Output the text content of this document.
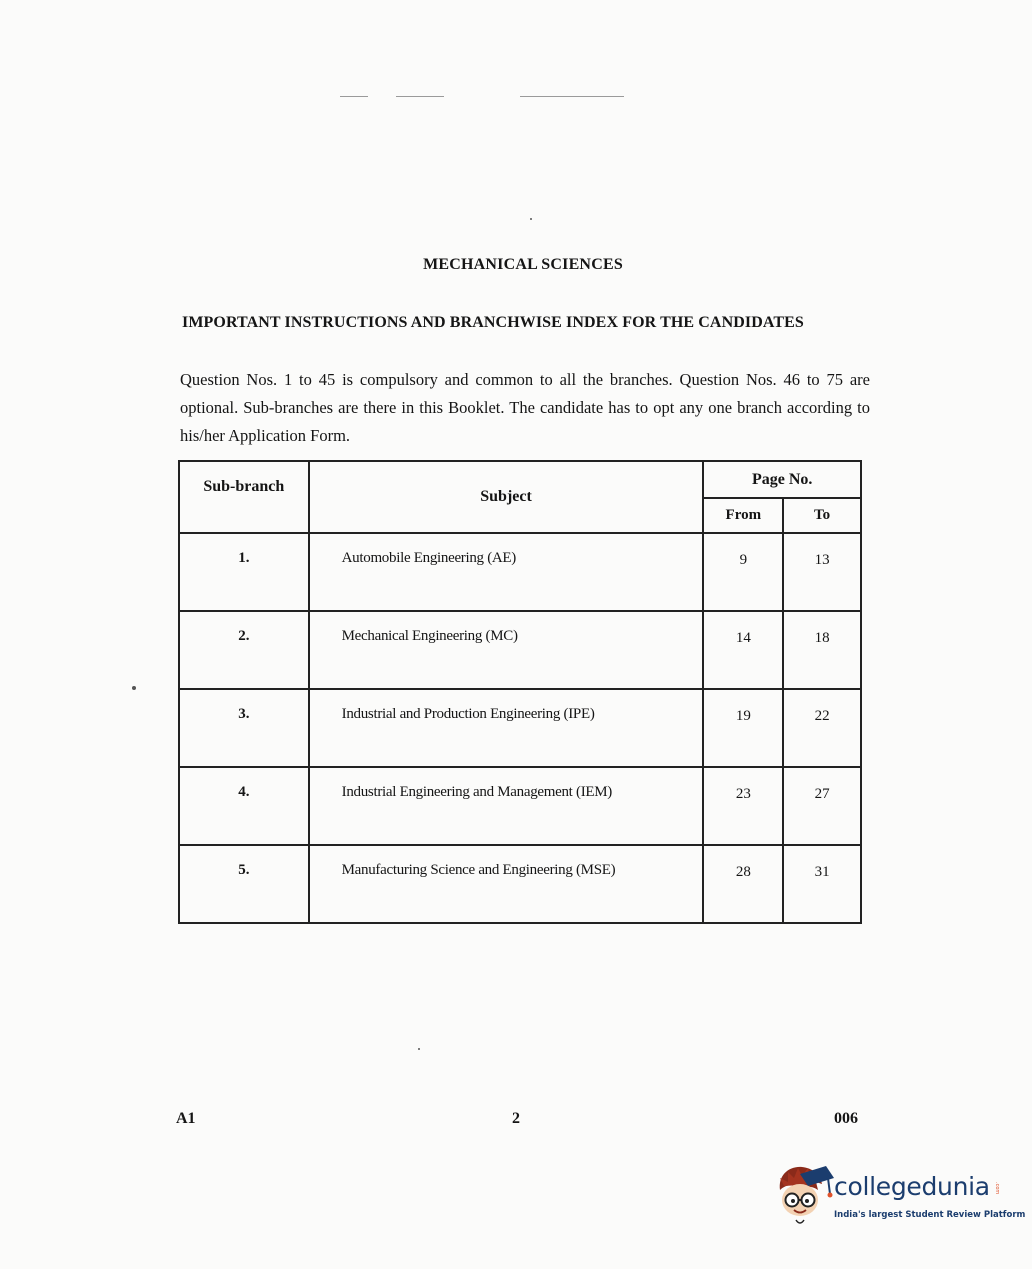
MECHANICAL SCIENCES
IMPORTANT INSTRUCTIONS AND BRANCHWISE INDEX FOR THE CANDIDATES
Question Nos. 1 to 45 is compulsory and common to all the branches. Question Nos. 46 to 75 are optional. Sub-branches are there in this Booklet. The candidate has to opt any one branch according to his/her Application Form.
Sub-branch	Subject	Page No.	
		From	To
1.	Automobile Engineering (AE)	9	13
2.	Mechanical Engineering (MC)	14	18
3.	Industrial and Production Engineering (IPE)	19	22
4.	Industrial Engineering and Management (IEM)	23	27
5.	Manufacturing Science and Engineering (MSE)	28	31
A1	2	006
collegedunia .com
India's largest Student Review Platform
